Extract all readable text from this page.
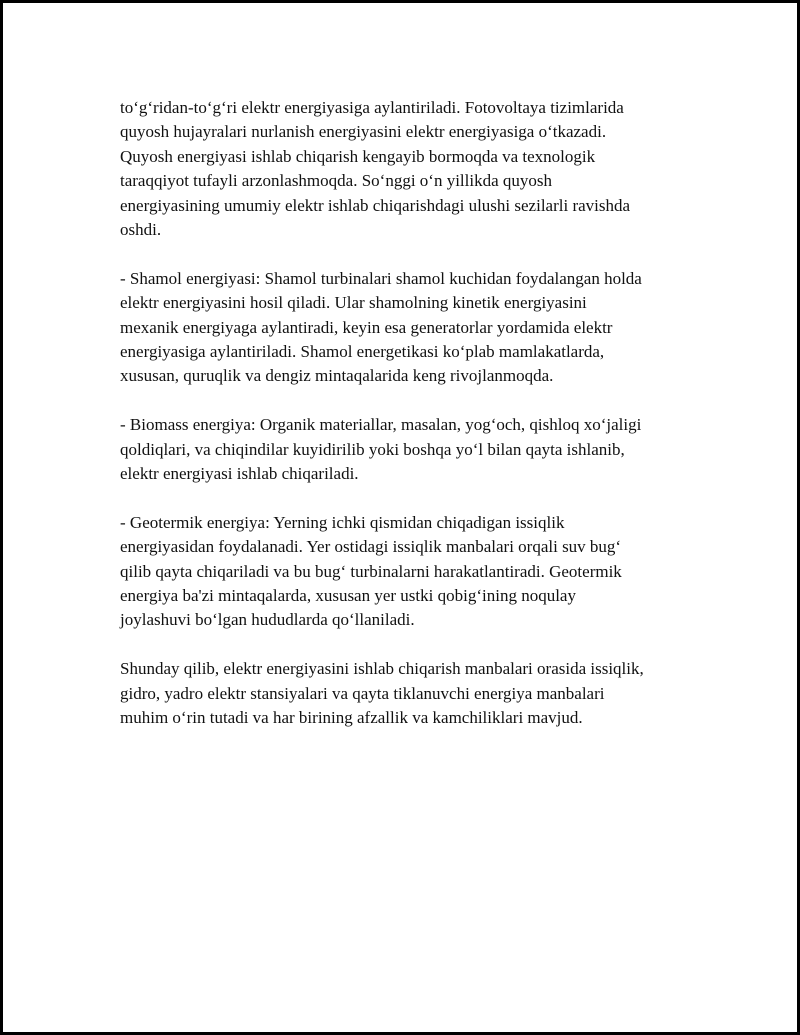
to‘g‘ridan-to‘g‘ri elektr energiyasiga aylantiriladi. Fotovoltaya tizimlarida
quyosh hujayralari nurlanish energiyasini elektr energiyasiga o‘tkazadi.
Quyosh energiyasi ishlab chiqarish kengayib bormoqda va texnologik
taraqqiyot tufayli arzonlashmoqda. So‘nggi o‘n yillikda quyosh
energiyasining umumiy elektr ishlab chiqarishdagi ulushi sezilarli ravishda
oshdi.

- Shamol energiyasi: Shamol turbinalari shamol kuchidan foydalangan holda
elektr energiyasini hosil qiladi. Ular shamolning kinetik energiyasini
mexanik energiyaga aylantiradi, keyin esa generatorlar yordamida elektr
energiyasiga aylantiriladi. Shamol energetikasi ko‘plab mamlakatlarda,
xususan, quruqlik va dengiz mintaqalarida keng rivojlanmoqda.

- Biomass energiya: Organik materiallar, masalan, yog‘och, qishloq xo‘jaligi
qoldiqlari, va chiqindilar kuyidirilib yoki boshqa yo‘l bilan qayta ishlanib,
elektr energiyasi ishlab chiqariladi.

- Geotermik energiya: Yerning ichki qismidan chiqadigan issiqlik
energiyasidan foydalanadi. Yer ostidagi issiqlik manbalari orqali suv bug‘
qilib qayta chiqariladi va bu bug‘ turbinalarni harakatlantiradi. Geotermik
energiya ba'zi mintaqalarda, xususan yer ustki qobig‘ining noqulay
joylashuvi bo‘lgan hududlarda qo‘llaniladi.

Shunday qilib, elektr energiyasini ishlab chiqarish manbalari orasida issiqlik,
gidro, yadro elektr stansiyalari va qayta tiklanuvchi energiya manbalari
muhim o‘rin tutadi va har birining afzallik va kamchiliklari mavjud.
